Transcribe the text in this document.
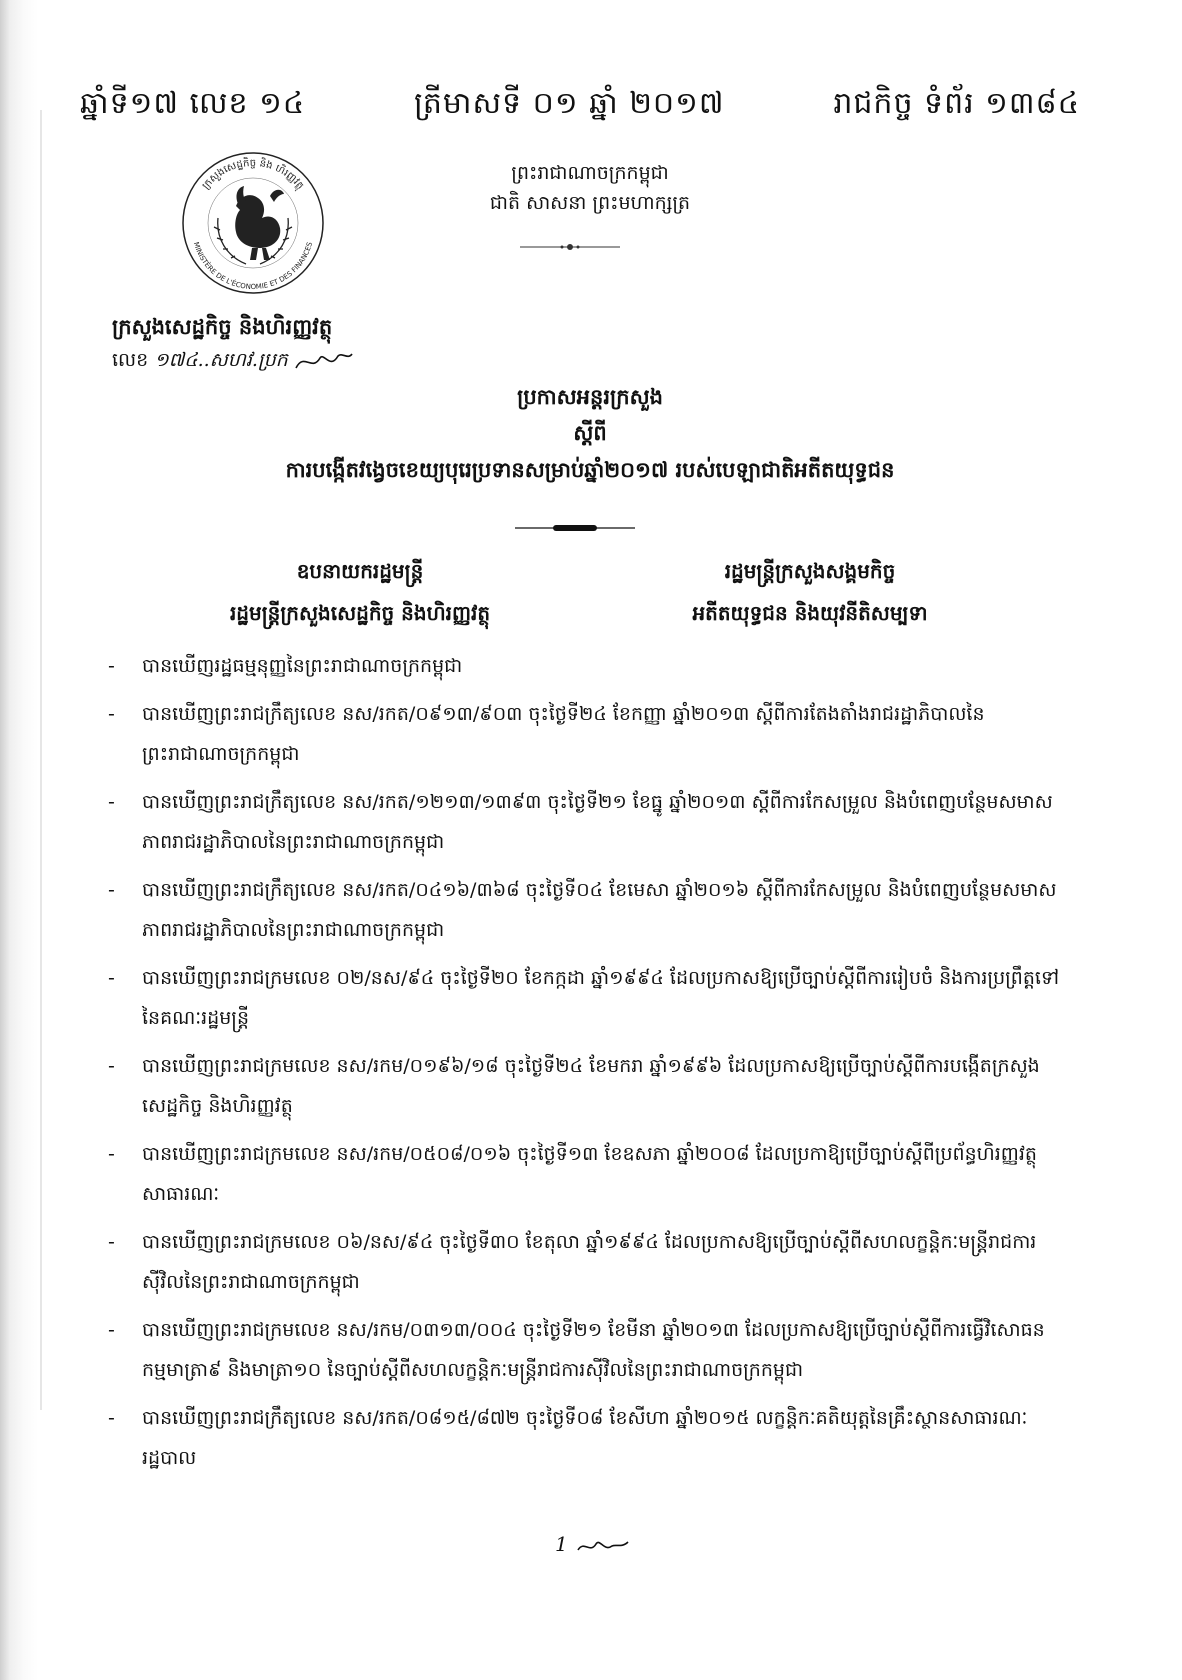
ឆ្នាំទី១៧ លេខ ១៤	ត្រីមាសទី ០១ ឆ្នាំ ២០១៧	រាជកិច្ច ទំព័រ ១៣៨៤
ក្រសួងសេដ្ឋកិច្ច និង ហិរញ្ញវត្ថុ
MINISTÈRE DE L'ÉCONOMIE ET DES FINANCES
ព្រះរាជាណាចក្រកម្ពុជា
ជាតិ សាសនា ព្រះមហាក្សត្រ
ក្រសួងសេដ្ឋកិច្ច និងហិរញ្ញវត្ថុ
លេខ ១៧៤..សហវ.ប្រក
ប្រកាសអន្តរក្រសួង
ស្តីពី
ការបង្កើតវង្វេចខេយ្យបុរេប្រទានសម្រាប់ឆ្នាំ២០១៧ របស់បេឡាជាតិអតីតយុទ្ធជន
ឧបនាយករដ្ឋមន្ត្រី
រដ្ឋមន្ត្រីក្រសួងសេដ្ឋកិច្ច និងហិរញ្ញវត្ថុ
រដ្ឋមន្ត្រីក្រសួងសង្គមកិច្ច
អតីតយុទ្ធជន និងយុវនីតិសម្បទា
- បានឃើញរដ្ឋធម្មនុញ្ញនៃព្រះរាជាណាចក្រកម្ពុជា
- បានឃើញព្រះរាជក្រឹត្យលេខ នស/រកត/០៩១៣/៩០៣ ចុះថ្ងៃទី២៤ ខែកញ្ញា ឆ្នាំ២០១៣ ស្តីពីការតែងតាំងរាជរដ្ឋាភិបាលនៃព្រះរាជាណាចក្រកម្ពុជា
- បានឃើញព្រះរាជក្រឹត្យលេខ នស/រកត/១២១៣/១៣៩៣ ចុះថ្ងៃទី២១ ខែធ្នូ ឆ្នាំ២០១៣ ស្តីពីការកែសម្រួល និងបំពេញបន្ថែមសមាសភាពរាជរដ្ឋាភិបាលនៃព្រះរាជាណាចក្រកម្ពុជា
- បានឃើញព្រះរាជក្រឹត្យលេខ នស/រកត/០៤១៦/៣៦៨ ចុះថ្ងៃទី០៤ ខែមេសា ឆ្នាំ២០១៦ ស្តីពីការកែសម្រួល និងបំពេញបន្ថែមសមាសភាពរាជរដ្ឋាភិបាលនៃព្រះរាជាណាចក្រកម្ពុជា
- បានឃើញព្រះរាជក្រមលេខ ០២/នស/៩៤ ចុះថ្ងៃទី២០ ខែកក្កដា ឆ្នាំ១៩៩៤ ដែលប្រកាសឱ្យប្រើច្បាប់ស្តីពីការរៀបចំ និងការប្រព្រឹត្តទៅនៃគណៈរដ្ឋមន្ត្រី
- បានឃើញព្រះរាជក្រមលេខ នស/រកម/០១៩៦/១៨ ចុះថ្ងៃទី២៤ ខែមករា ឆ្នាំ១៩៩៦ ដែលប្រកាសឱ្យប្រើច្បាប់ស្តីពីការបង្កើតក្រសួងសេដ្ឋកិច្ច និងហិរញ្ញវត្ថុ
- បានឃើញព្រះរាជក្រមលេខ នស/រកម/០៥០៨/០១៦ ចុះថ្ងៃទី១៣ ខែឧសភា ឆ្នាំ២០០៨ ដែលប្រកាឱ្យប្រើច្បាប់ស្តីពីប្រព័ន្ធហិរញ្ញវត្ថុសាធារណៈ
- បានឃើញព្រះរាជក្រមលេខ ០៦/នស/៩៤ ចុះថ្ងៃទី៣០ ខែតុលា ឆ្នាំ១៩៩៤ ដែលប្រកាសឱ្យប្រើច្បាប់ស្តីពីសហលក្ខន្តិកៈមន្ត្រីរាជការស៊ីវិលនៃព្រះរាជាណាចក្រកម្ពុជា
- បានឃើញព្រះរាជក្រមលេខ នស/រកម/០៣១៣/០០៤ ចុះថ្ងៃទី២១ ខែមីនា ឆ្នាំ២០១៣ ដែលប្រកាសឱ្យប្រើច្បាប់ស្តីពីការធ្វើវិសោធនកម្មមាត្រា៩ និងមាត្រា១០ នៃច្បាប់ស្តីពីសហលក្ខន្តិកៈមន្ត្រីរាជការស៊ីវិលនៃព្រះរាជាណាចក្រកម្ពុជា
- បានឃើញព្រះរាជក្រឹត្យលេខ នស/រកត/០៨១៥/៨៧២ ចុះថ្ងៃទី០៨ ខែសីហា ឆ្នាំ២០១៥ លក្ខន្តិកៈគតិយុត្តនៃគ្រឹះស្ថានសាធារណៈរដ្ឋបាល
1
